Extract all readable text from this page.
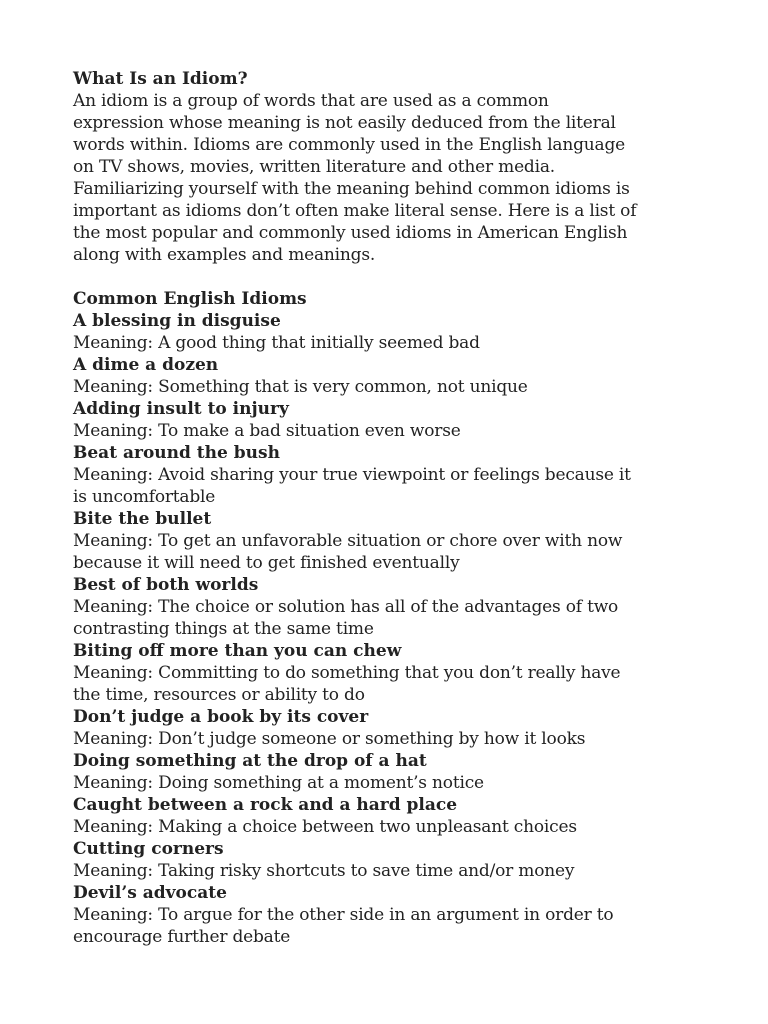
What Is an Idiom?

An idiom is a group of words that are used as a common

expression whose meaning is not easily deduced from the literal

words within. Idioms are commonly used in the English language

on TV shows, movies, written literature and other media.

Familiarizing yourself with the meaning behind common idioms is

important as idioms don’t often make literal sense. Here is a list of

the most popular and commonly used idioms in American English

along with examples and meanings.

Common English Idioms

A blessing in disguise

Meaning: A good thing that initially seemed bad

A dime a dozen

Meaning: Something that is very common, not unique

Adding insult to injury

Meaning: To make a bad situation even worse

Beat around the bush

Meaning: Avoid sharing your true viewpoint or feelings because it

is uncomfortable

Bite the bullet

Meaning: To get an unfavorable situation or chore over with now

because it will need to get finished eventually

Best of both worlds

Meaning: The choice or solution has all of the advantages of two

contrasting things at the same time

Biting off more than you can chew

Meaning: Committing to do something that you don’t really have

the time, resources or ability to do

Don’t judge a book by its cover

Meaning: Don’t judge someone or something by how it looks

Doing something at the drop of a hat

Meaning: Doing something at a moment’s notice

Caught between a rock and a hard place

Meaning: Making a choice between two unpleasant choices

Cutting corners

Meaning: Taking risky shortcuts to save time and/or money

Devil’s advocate

Meaning: To argue for the other side in an argument in order to

encourage further debate
